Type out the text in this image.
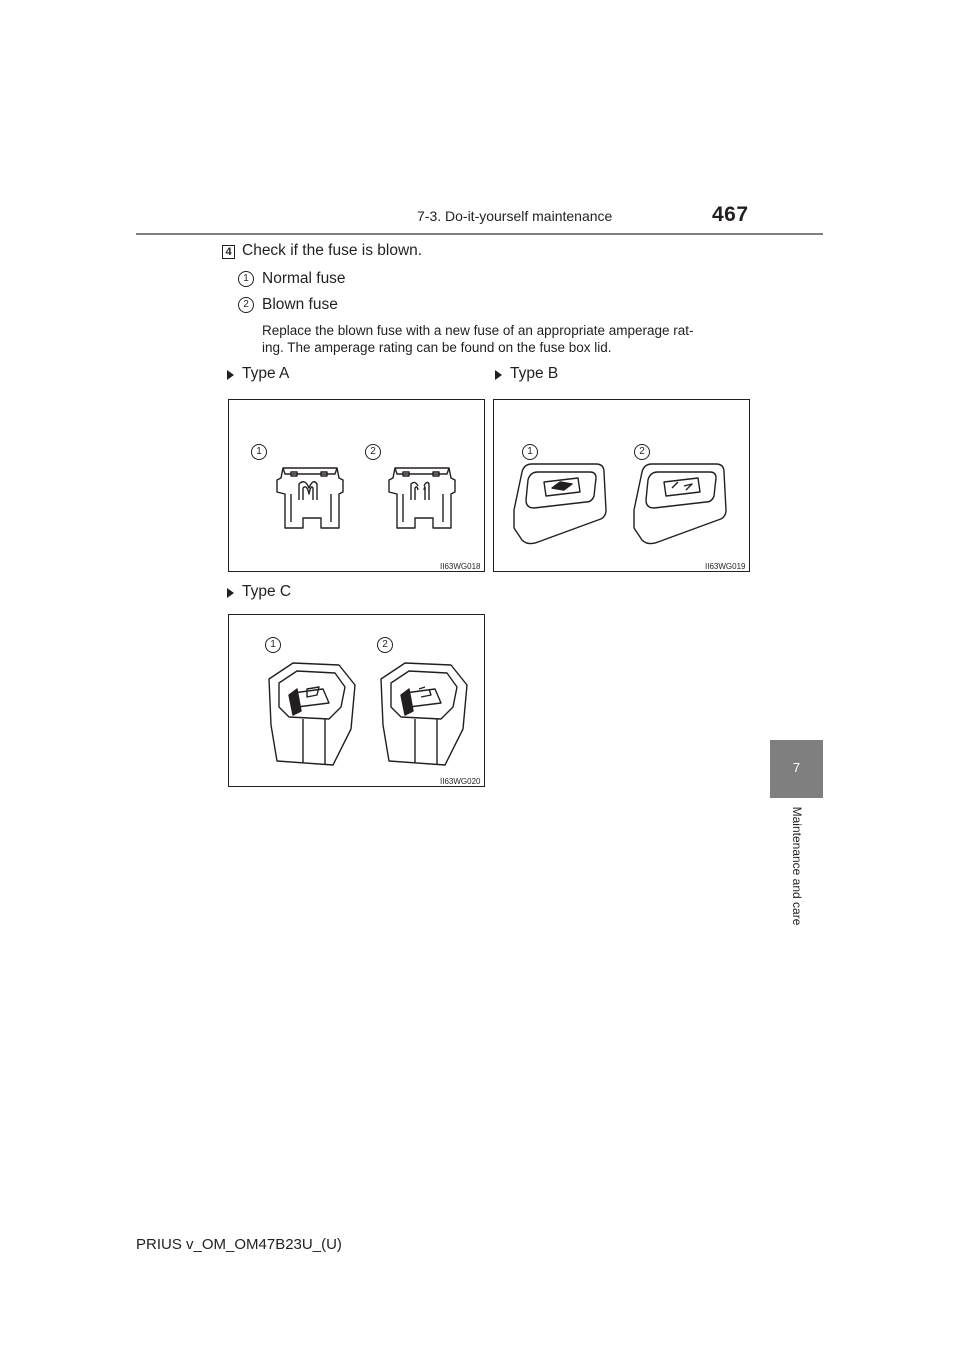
7-3. Do-it-yourself maintenance	467
4 Check if the fuse is blown.
1 Normal fuse
2 Blown fuse
Replace the blown fuse with a new fuse of an appropriate amperage rat-
ing. The amperage rating can be found on the fuse box lid.
Type A	Type B
1	2
II63WG018
1	2
II63WG019
Type C
1	2
II63WG020
7
Maintenance and care
PRIUS v_OM_OM47B23U_(U)
